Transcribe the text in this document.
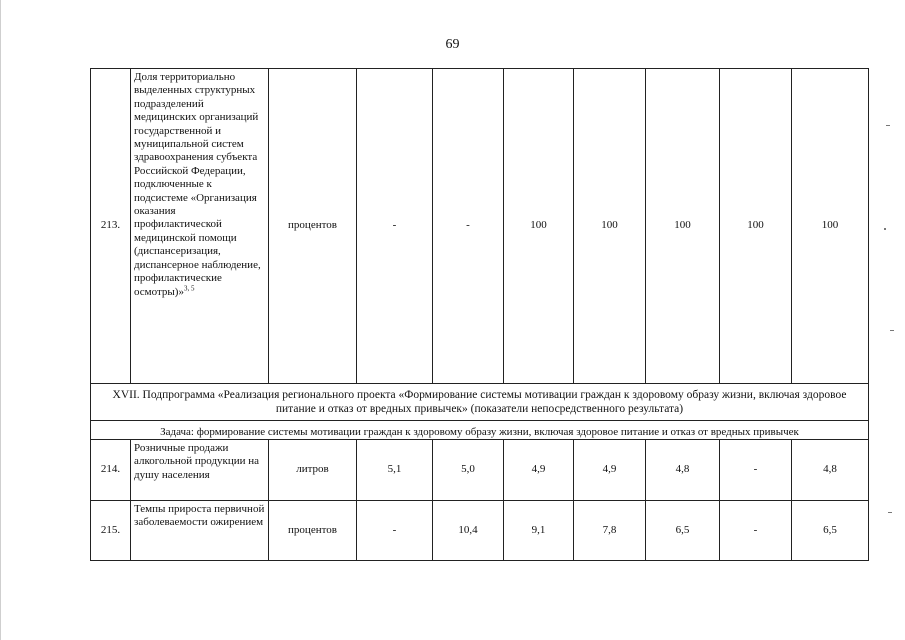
69
213.	Доля территориально выделенных структурных подразделений медицинских организаций государственной и муниципальной систем здравоохранения субъекта Российской Федерации, подключенные к подсистеме «Организация оказания профилактической медицинской помощи (диспансеризация, диспансерное наблюдение, профилактические осмотры)»$^{3, 5}$	процентов	-	-	100	100	100	100	100
XVII. Подпрограмма «Реализация регионального проекта «Формирование системы мотивации граждан к здоровому образу жизни, включая здоровое питание и отказ от вредных привычек» (показатели непосредственного результата)									
Задача: формирование системы мотивации граждан к здоровому образу жизни, включая здоровое питание и отказ от вредных привычек									
214.	Розничные продажи алкогольной продукции на душу населения	литров	5,1	5,0	4,9	4,9	4,8	-	4,8
215.	Темпы прироста первичной заболеваемости ожирением	процентов	-	10,4	9,1	7,8	6,5	-	6,5
